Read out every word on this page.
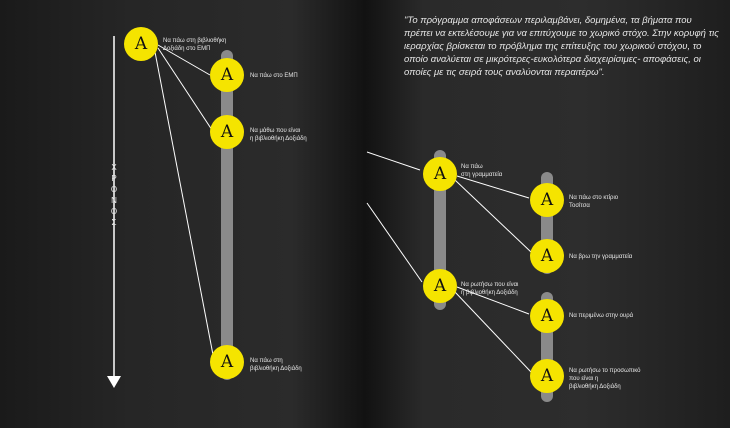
"Το πρόγραμμα αποφάσεων περιλαμβάνει, δομημένα, τα βήματα που πρέπει να εκτελέσουμε για να επιτύχουμε το χωρικό στόχο. Στην κορυφή τις ιεραρχίας βρίσκεται το πρόβλημα της επίτευξης του χωρικού στόχου, το οποίο αναλύεται σε μικρότερες-ευκολότερα διαχειρίσιμες- αποφάσεις, οι οποίες με τις σειρά τους αναλύονται περαιτέρω".
Χ
Ρ
Ο
Ν
Ο
Σ
A	Να πάω στη βιβλιοθήκη
Δοξιάδη στο ΕΜΠ
A	Να πάω στο ΕΜΠ
A	Να μάθω που είναι
η βιβλιοθήκη Δοξιάδη
A	Να πάω στη
βιβλιοθήκη Δοξιάδη
A	Να πάω
στη γραμματεία
A	Να ρωτήσω που είναι
η βιβλιοθήκη Δοξιάδη
A	Να πάω στο κτίριο
Τοσίτσα
A	Να βρω την γραμματεία
A	Να περιμένω στην ουρά
A	Να ρωτήσω το προσωπικό
που είναι η
βιβλιοθήκη Δοξιάδη
